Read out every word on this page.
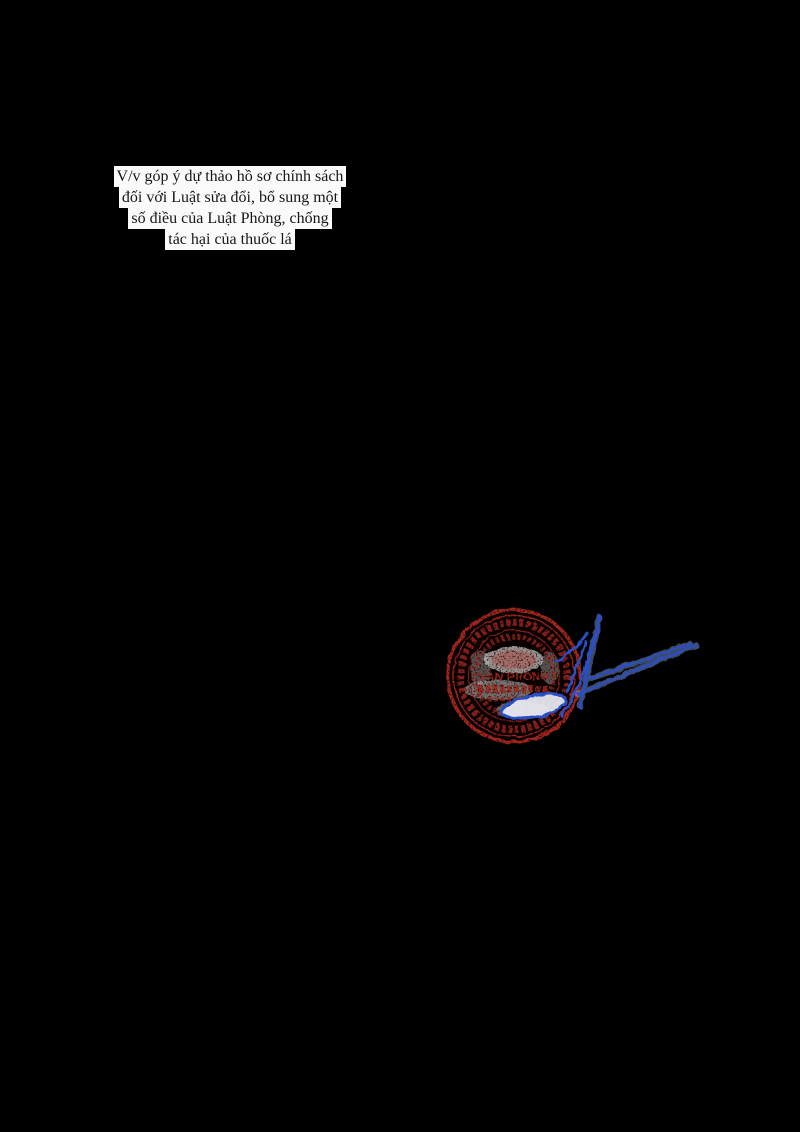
V/v góp ý dự thảo hồ sơ chính sách
đối với Luật sửa đổi, bổ sung một
số điều của Luật Phòng, chống
tác hại của thuốc lá
VĂN PHÒNG
